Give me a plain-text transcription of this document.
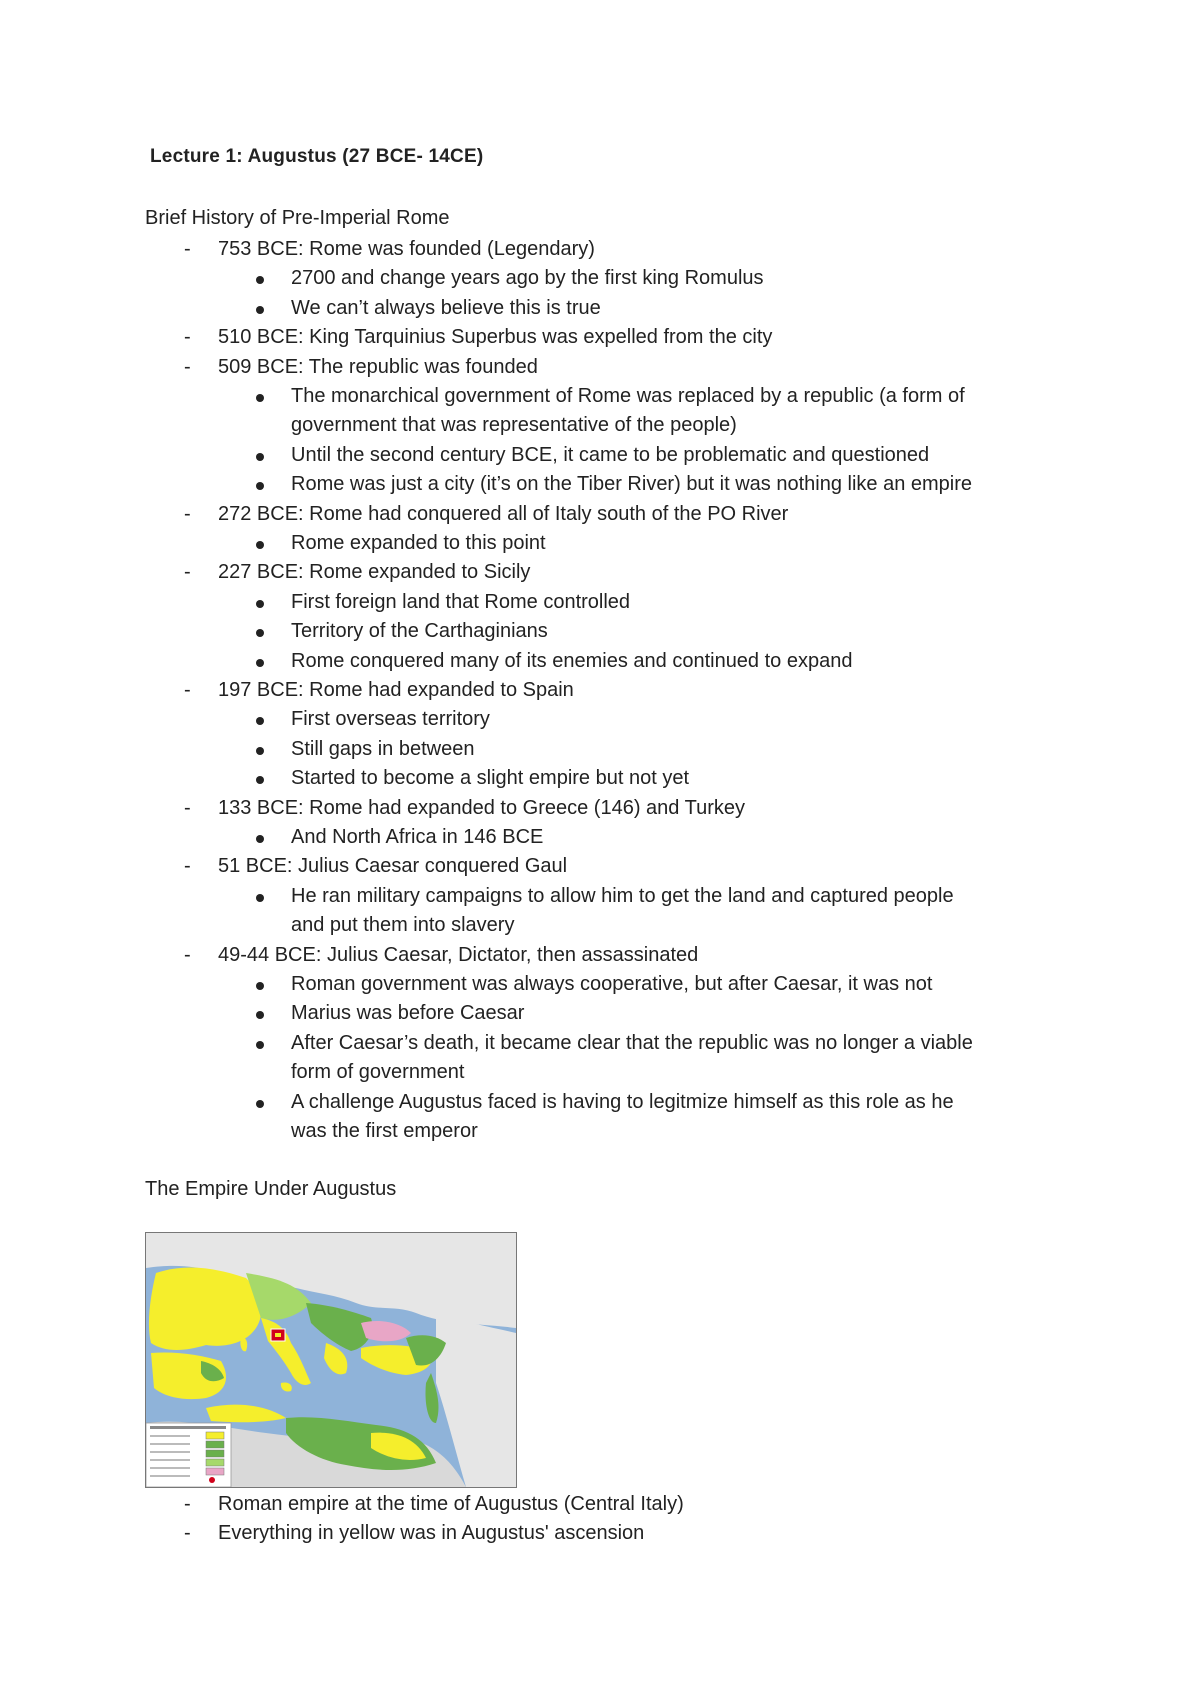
Lecture 1: Augustus (27 BCE- 14CE)
Brief History of Pre-Imperial Rome
- 753 BCE: Rome was founded (Legendary)
2700 and change years ago by the first king Romulus
We can’t always believe this is true
- 510 BCE: King Tarquinius Superbus was expelled from the city
- 509 BCE: The republic was founded
The monarchical government of Rome was replaced by a republic (a form of
government that was representative of the people)
Until the second century BCE, it came to be problematic and questioned
Rome was just a city (it’s on the Tiber River) but it was nothing like an empire
- 272 BCE: Rome had conquered all of Italy south of the PO River
Rome expanded to this point
- 227 BCE: Rome expanded to Sicily
First foreign land that Rome controlled
Territory of the Carthaginians
Rome conquered many of its enemies and continued to expand
- 197 BCE: Rome had expanded to Spain
First overseas territory
Still gaps in between
Started to become a slight empire but not yet
- 133 BCE: Rome had expanded to Greece (146) and Turkey
And North Africa in 146 BCE
- 51 BCE: Julius Caesar conquered Gaul
He ran military campaigns to allow him to get the land and captured people
and put them into slavery
- 49-44 BCE: Julius Caesar, Dictator, then assassinated
Roman government was always cooperative, but after Caesar, it was not
Marius was before Caesar
After Caesar’s death, it became clear that the republic was no longer a viable
form of government
A challenge Augustus faced is having to legitmize himself as this role as he
was the first emperor
The Empire Under Augustus
- Roman empire at the time of Augustus (Central Italy)
- Everything in yellow was in Augustus' ascension
